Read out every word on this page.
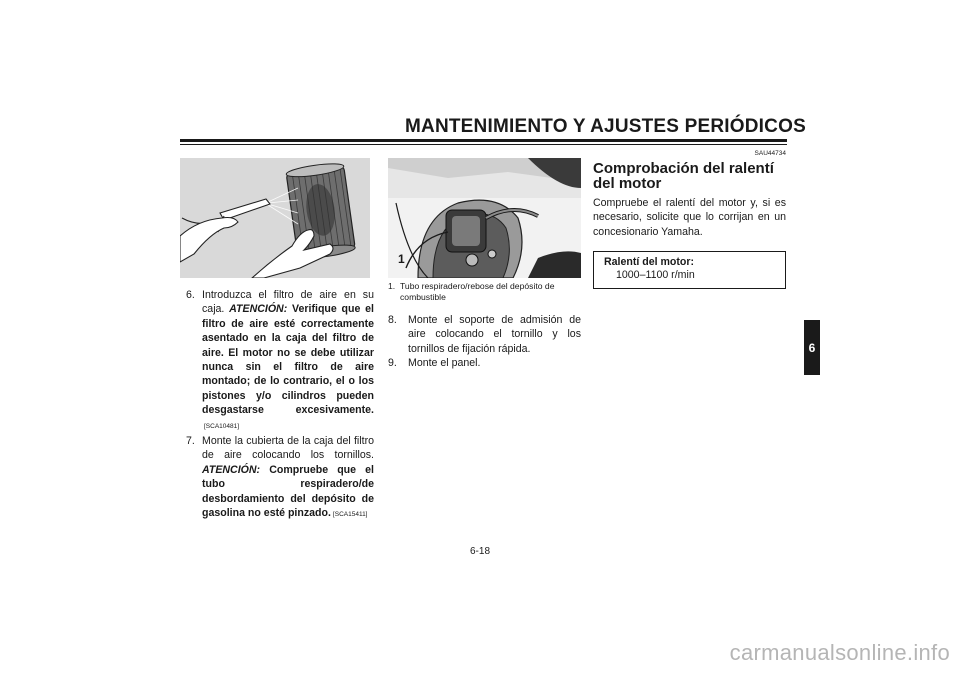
MANTENIMIENTO Y AJUSTES PERIÓDICOS
6
1
6. Introduzca el filtro de aire en su caja. ATENCIÓN: Verifique que el filtro de aire esté correctamente asentado en la caja del filtro de aire. El motor no se debe utilizar nunca sin el filtro de aire montado; de lo contrario, el o los pistones y/o cilindros pueden desgastarse excesivamente.[SCA10481]
7. Monte la cubierta de la caja del filtro de aire colocando los tornillos. ATENCIÓN: Compruebe que el tubo respiradero/de desbordamiento del depósito de gasolina no esté pinzado. [SCA15411]
1. Tubo respiradero/rebose del depósito de combustible
8.	Monte el soporte de admisión de aire colocando el tornillo y los tornillos de fijación rápida.
9.	Monte el panel.
SAU44734
Comprobación del ralentí del motor

Compruebe el ralentí del motor y, si es necesario, solicite que lo corrijan en un concesionario Yamaha.

Ralentí del motor:
1000–1100 r/min
6-18
carmanualsonline.info
